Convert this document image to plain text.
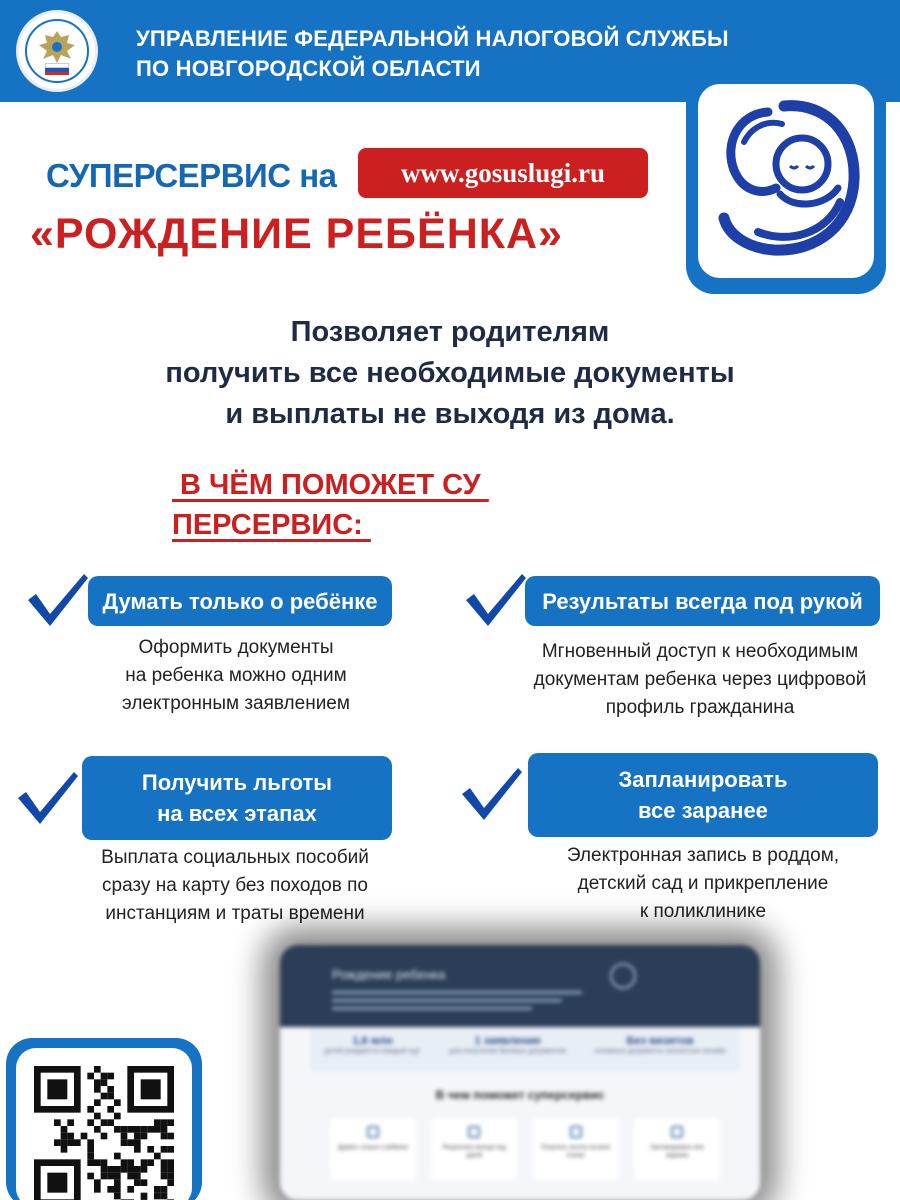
УПРАВЛЕНИЕ ФЕДЕРАЛЬНОЙ НАЛОГОВОЙ СЛУЖБЫ
ПО НОВГОРОДСКОЙ ОБЛАСТИ
СУПЕРСЕРВИС на	www.gosuslugi.ru
«РОЖДЕНИЕ РЕБЁНКА»
Позволяет родителям
получить все необходимые документы
и выплаты не выходя из дома.
В ЧЁМ ПОМОЖЕТ СУ
ПЕРСЕРВИС:
Думать только о ребёнке
Оформить документы
на ребенка можно одним
электронным заявлением
Результаты всегда под рукой
Мгновенный доступ к необходимым
документам ребенка через цифровой
профиль гражданина
Получить льготы
на всех этапах
Выплата социальных пособий
сразу на карту без походов по
инстанциям и траты времени
Запланировать
все заранее
Электронная запись в роддом,
детский сад и прикрепление
к поликлинике
Рождение ребенка
1,6 млн
детей рождается каждый год*
1 заявление
для получения базовых документов
Без визитов
основные документы полностью онлайн
В чем поможет суперсервис
Думать только о ребенке	Результаты всегда под рукой
Получить льготы на всех этапах
Запланировать все заранее
